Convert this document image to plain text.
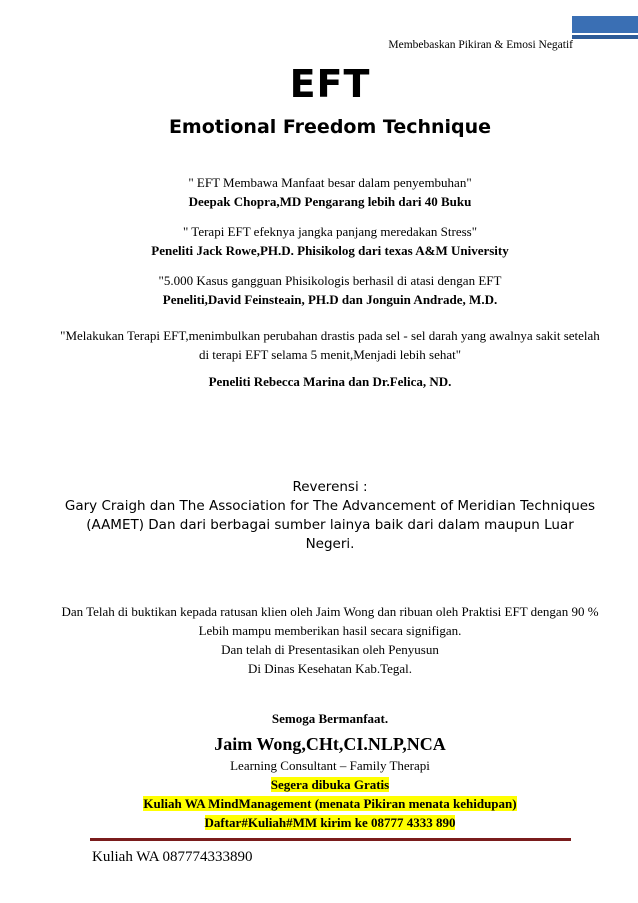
Membebaskan Pikiran & Emosi Negatif
EFT
Emotional Freedom Technique
" EFT Membawa Manfaat besar dalam penyembuhan"
Deepak Chopra,MD Pengarang lebih dari 40 Buku
" Terapi EFT efeknya jangka panjang meredakan Stress"
Peneliti Jack Rowe,PH.D. Phisikolog dari texas A&M University
"5.000 Kasus gangguan Phisikologis berhasil di atasi dengan EFT
Peneliti,David Feinsteain, PH.D dan Jonguin Andrade, M.D.
"Melakukan Terapi EFT,menimbulkan perubahan drastis pada sel - sel darah yang awalnya sakit setelah di terapi EFT selama 5 menit,Menjadi lebih sehat"
Peneliti Rebecca Marina dan Dr.Felica, ND.
Reverensi :
Gary Craigh dan The Association for The Advancement of Meridian Techniques (AAMET) Dan dari berbagai sumber lainya baik dari dalam maupun Luar Negeri.
Dan Telah di buktikan kepada ratusan klien oleh Jaim Wong dan ribuan oleh Praktisi EFT dengan 90 % Lebih mampu memberikan hasil secara signifigan.
Dan telah di Presentasikan oleh Penyusun
Di Dinas Kesehatan Kab.Tegal.
Semoga Bermanfaat.
Jaim Wong,CHt,CI.NLP,NCA
Learning Consultant – Family Therapi
Segera dibuka Gratis
Kuliah WA MindManagement (menata Pikiran menata kehidupan)
Daftar#Kuliah#MM kirim ke 08777 4333 890
Kuliah WA 087774333890
